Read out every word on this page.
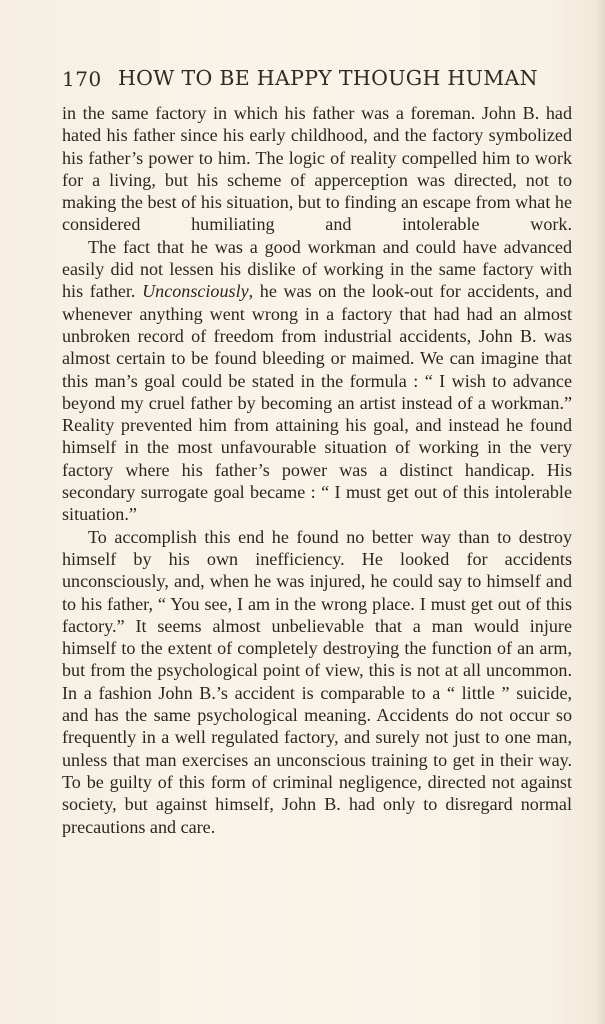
170 HOW TO BE HAPPY THOUGH HUMAN

in the same factory in which his father was a foreman. John B. had hated his father since his early childhood, and the factory symbolized his father’s power to him. The logic of reality compelled him to work for a living, but his scheme of apperception was directed, not to making the best of his situation, but to finding an escape from what he considered humiliating and intolerable work.

The fact that he was a good workman and could have advanced easily did not lessen his dislike of working in the same factory with his father. Unconsciously, he was on the look-out for accidents, and whenever anything went wrong in a factory that had had an almost unbroken record of freedom from industrial accidents, John B. was almost certain to be found bleeding or maimed. We can imagine that this man’s goal could be stated in the formula : “ I wish to advance beyond my cruel father by becoming an artist instead of a workman.” Reality prevented him from attaining his goal, and instead he found himself in the most unfavourable situation of working in the very factory where his father’s power was a distinct handicap. His secondary surrogate goal became : “ I must get out of this intolerable situation.”

To accomplish this end he found no better way than to destroy himself by his own inefficiency. He looked for accidents unconsciously, and, when he was injured, he could say to himself and to his father, “ You see, I am in the wrong place. I must get out of this factory.” It seems almost unbelievable that a man would injure himself to the extent of completely destroying the function of an arm, but from the psychological point of view, this is not at all uncommon. In a fashion John B.’s accident is comparable to a “ little ” suicide, and has the same psychological meaning. Accidents do not occur so frequently in a well regulated factory, and surely not just to one man, unless that man exercises an unconscious training to get in their way. To be guilty of this form of criminal negligence, directed not against society, but against himself, John B. had only to disregard normal precautions and care.
